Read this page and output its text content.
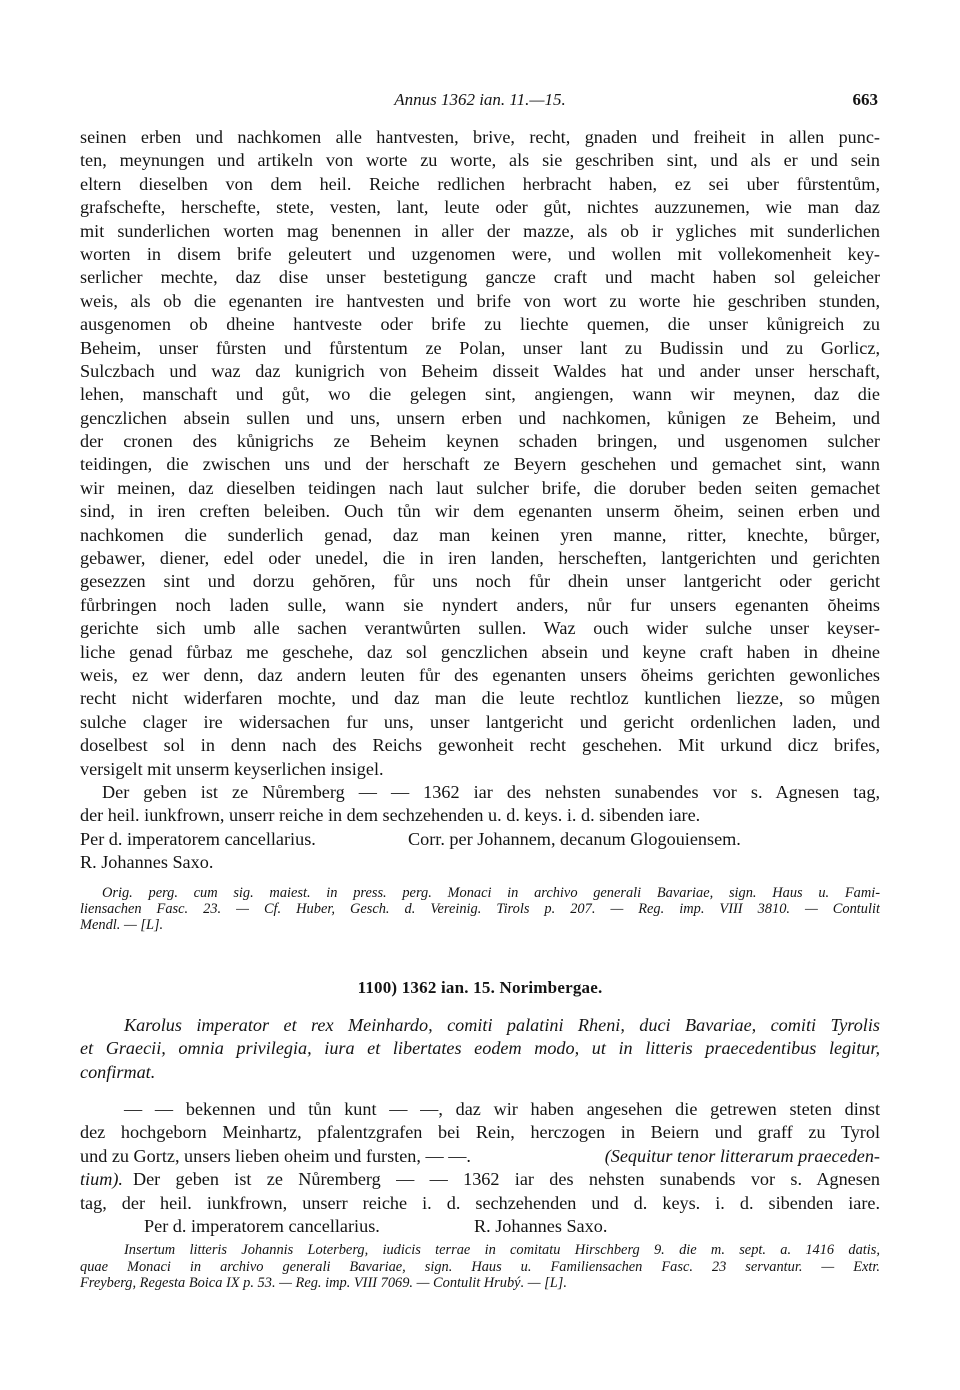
Annus 1362 ian. 11.—15.	663
seinen erben und nachkomen alle hantvesten, brive, recht, gnaden und freiheit in allen punc-
ten, meynungen und artikeln von worte zu worte, als sie geschriben sint, und als er und sein
eltern dieselben von dem heil. Reiche redlichen herbracht haben, ez sei uber fůrstentům,
grafschefte, herschefte, stete, vesten, lant, leute oder gůt, nichtes auzzunemen, wie man daz
mit sunderlichen worten mag benennen in aller der mazze, als ob ir ygliches mit sunderlichen
worten in disem brife geleutert und uzgenomen were, und wollen mit vollekomenheit key-
serlicher mechte, daz dise unser bestetigung gancze craft und macht haben sol geleicher
weis, als ob die egenanten ire hantvesten und brife von wort zu worte hie geschriben stunden,
ausgenomen ob dheine hantveste oder brife zu liechte quemen, die unser kůnigreich zu
Beheim, unser fůrsten und fůrstentum ze Polan, unser lant zu Budissin und zu Gorlicz,
Sulczbach und waz daz kunigrich von Beheim disseit Waldes hat und ander unser herschaft,
lehen, manschaft und gůt, wo die gelegen sint, angiengen, wann wir meynen, daz die
genczlichen absein sullen und uns, unsern erben und nachkomen, kůnigen ze Beheim, und
der cronen des kůnigrichs ze Beheim keynen schaden bringen, und usgenomen sulcher
teidingen, die zwischen uns und der herschaft ze Beyern geschehen und gemachet sint, wann
wir meinen, daz dieselben teidingen nach laut sulcher brife, die doruber beden seiten gemachet
sind, in iren creften beleiben. Ouch tůn wir dem egenanten unserm ŏheim, seinen erben und
nachkomen die sunderlich genad, daz man keinen yren manne, ritter, knechte, bůrger,
gebawer, diener, edel oder unedel, die in iren landen, herscheften, lantgerichten und gerichten
gesezzen sint und dorzu gehŏren, fůr uns noch fůr dhein unser lantgericht oder gericht
fůrbringen noch laden sulle, wann sie nyndert anders, nůr fur unsers egenanten ŏheims
gerichte sich umb alle sachen verantwůrten sullen. Waz ouch wider sulche unser keyser-
liche genad fůrbaz me geschehe, daz sol genczlichen absein und keyne craft haben in dheine
weis, ez wer denn, daz andern leuten fůr des egenanten unsers ŏheims gerichten gewonliches
recht nicht widerfaren mochte, und daz man die leute rechtloz kuntlichen liezze, so můgen
sulche clager ire widersachen fur uns, unser lantgericht und gericht ordenlichen laden, und
doselbest sol in denn nach des Reichs gewonheit recht geschehen. Mit urkund dicz brifes,
versigelt mit unserm keyserlichen insigel.
Der geben ist ze Nůremberg — — 1362 iar des nehsten sunabendes vor s. Agnesen tag,
der heil. iunkfrown, unserr reiche in dem sechzehenden u. d. keys. i. d. sibenden iare.
Per d. imperatorem cancellarius.	Corr. per Johannem, decanum Glogouiensem.
R. Johannes Saxo.
Orig. perg. cum sig. maiest. in press. perg. Monaci in archivo generali Bavariae, sign. Haus u. Fami-
liensachen Fasc. 23. — Cf. Huber, Gesch. d. Vereinig. Tirols p. 207. — Reg. imp. VIII 3810. — Contulit
Mendl. — [L].
1100) 1362 ian. 15. Norimbergae.
Karolus imperator et rex Meinhardo, comiti palatini Rheni, duci Bavariae, comiti Tyrolis
et Graecii, omnia privilegia, iura et libertates eodem modo, ut in litteris praecedentibus legitur,
confirmat.
— — bekennen und tůn kunt — —, daz wir haben angesehen die getrewen steten dinst
dez hochgeborn Meinhartz, pfalentzgrafen bei Rein, herczogen in Beiern und graff zu Tyrol
und zu Gortz, unsers lieben oheim und fursten, — —.	(Sequitur tenor litterarum praeceden-
tium). Der geben ist ze Nůremberg — — 1362 iar des nehsten sunabends vor s. Agnesen
tag, der heil. iunkfrown, unserr reiche i. d. sechzehenden und d. keys. i. d. sibenden iare.
Per d. imperatorem cancellarius.	R. Johannes Saxo.
Insertum litteris Johannis Loterberg, iudicis terrae in comitatu Hirschberg 9. die m. sept. a. 1416 datis,
quae Monaci in archivo generali Bavariae, sign. Haus u. Familiensachen Fasc. 23 servantur. — Extr.
Freyberg, Regesta Boica IX p. 53. — Reg. imp. VIII 7069. — Contulit Hrubý. — [L].
